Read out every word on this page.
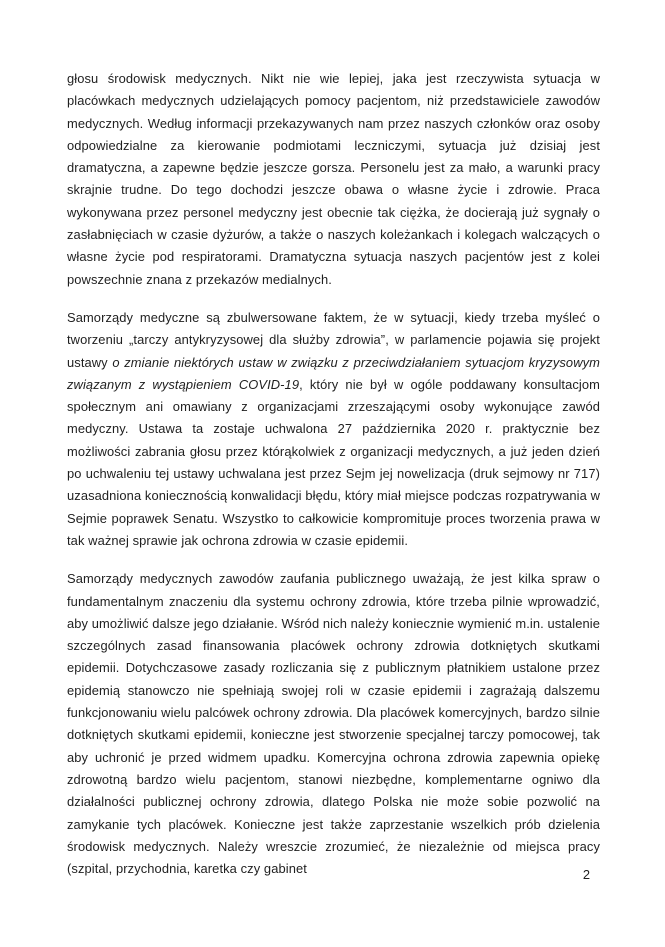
głosu środowisk medycznych. Nikt nie wie lepiej, jaka jest rzeczywista sytuacja w placówkach medycznych udzielających pomocy pacjentom, niż przedstawiciele zawodów medycznych. Według informacji przekazywanych nam przez naszych członków oraz osoby odpowiedzialne za kierowanie podmiotami leczniczymi, sytuacja już dzisiaj jest dramatyczna, a zapewne będzie jeszcze gorsza. Personelu jest za mało, a warunki pracy skrajnie trudne. Do tego dochodzi jeszcze obawa o własne życie i zdrowie. Praca wykonywana przez personel medyczny jest obecnie tak ciężka, że docierają już sygnały o zasłabnięciach w czasie dyżurów, a także o naszych koleżankach i kolegach walczących o własne życie pod respiratorami. Dramatyczna sytuacja naszych pacjentów jest z kolei powszechnie znana z przekazów medialnych.

Samorządy medyczne są zbulwersowane faktem, że w sytuacji, kiedy trzeba myśleć o tworzeniu „tarczy antykryzysowej dla służby zdrowia”, w parlamencie pojawia się projekt ustawy o zmianie niektórych ustaw w związku z przeciwdziałaniem sytuacjom kryzysowym związanym z wystąpieniem COVID-19, który nie był w ogóle poddawany konsultacjom społecznym ani omawiany z organizacjami zrzeszającymi osoby wykonujące zawód medyczny. Ustawa ta zostaje uchwalona 27 października 2020 r. praktycznie bez możliwości zabrania głosu przez którąkolwiek z organizacji medycznych, a już jeden dzień po uchwaleniu tej ustawy uchwalana jest przez Sejm jej nowelizacja (druk sejmowy nr 717) uzasadniona koniecznością konwalidacji błędu, który miał miejsce podczas rozpatrywania w Sejmie poprawek Senatu. Wszystko to całkowicie kompromituje proces tworzenia prawa w tak ważnej sprawie jak ochrona zdrowia w czasie epidemii.

Samorządy medycznych zawodów zaufania publicznego uważają, że jest kilka spraw o fundamentalnym znaczeniu dla systemu ochrony zdrowia, które trzeba pilnie wprowadzić, aby umożliwić dalsze jego działanie. Wśród nich należy koniecznie wymienić m.in. ustalenie szczególnych zasad finansowania placówek ochrony zdrowia dotkniętych skutkami epidemii. Dotychczasowe zasady rozliczania się z publicznym płatnikiem ustalone przez epidemią stanowczo nie spełniają swojej roli w czasie epidemii i zagrażają dalszemu funkcjonowaniu wielu palcówek ochrony zdrowia. Dla placówek komercyjnych, bardzo silnie dotkniętych skutkami epidemii, konieczne jest stworzenie specjalnej tarczy pomocowej, tak aby uchronić je przed widmem upadku. Komercyjna ochrona zdrowia zapewnia opiekę zdrowotną bardzo wielu pacjentom, stanowi niezbędne, komplementarne ogniwo dla działalności publicznej ochrony zdrowia, dlatego Polska nie może sobie pozwolić na zamykanie tych placówek. Konieczne jest także zaprzestanie wszelkich prób dzielenia środowisk medycznych. Należy wreszcie zrozumieć, że niezależnie od miejsca pracy (szpital, przychodnia, karetka czy gabinet	2
